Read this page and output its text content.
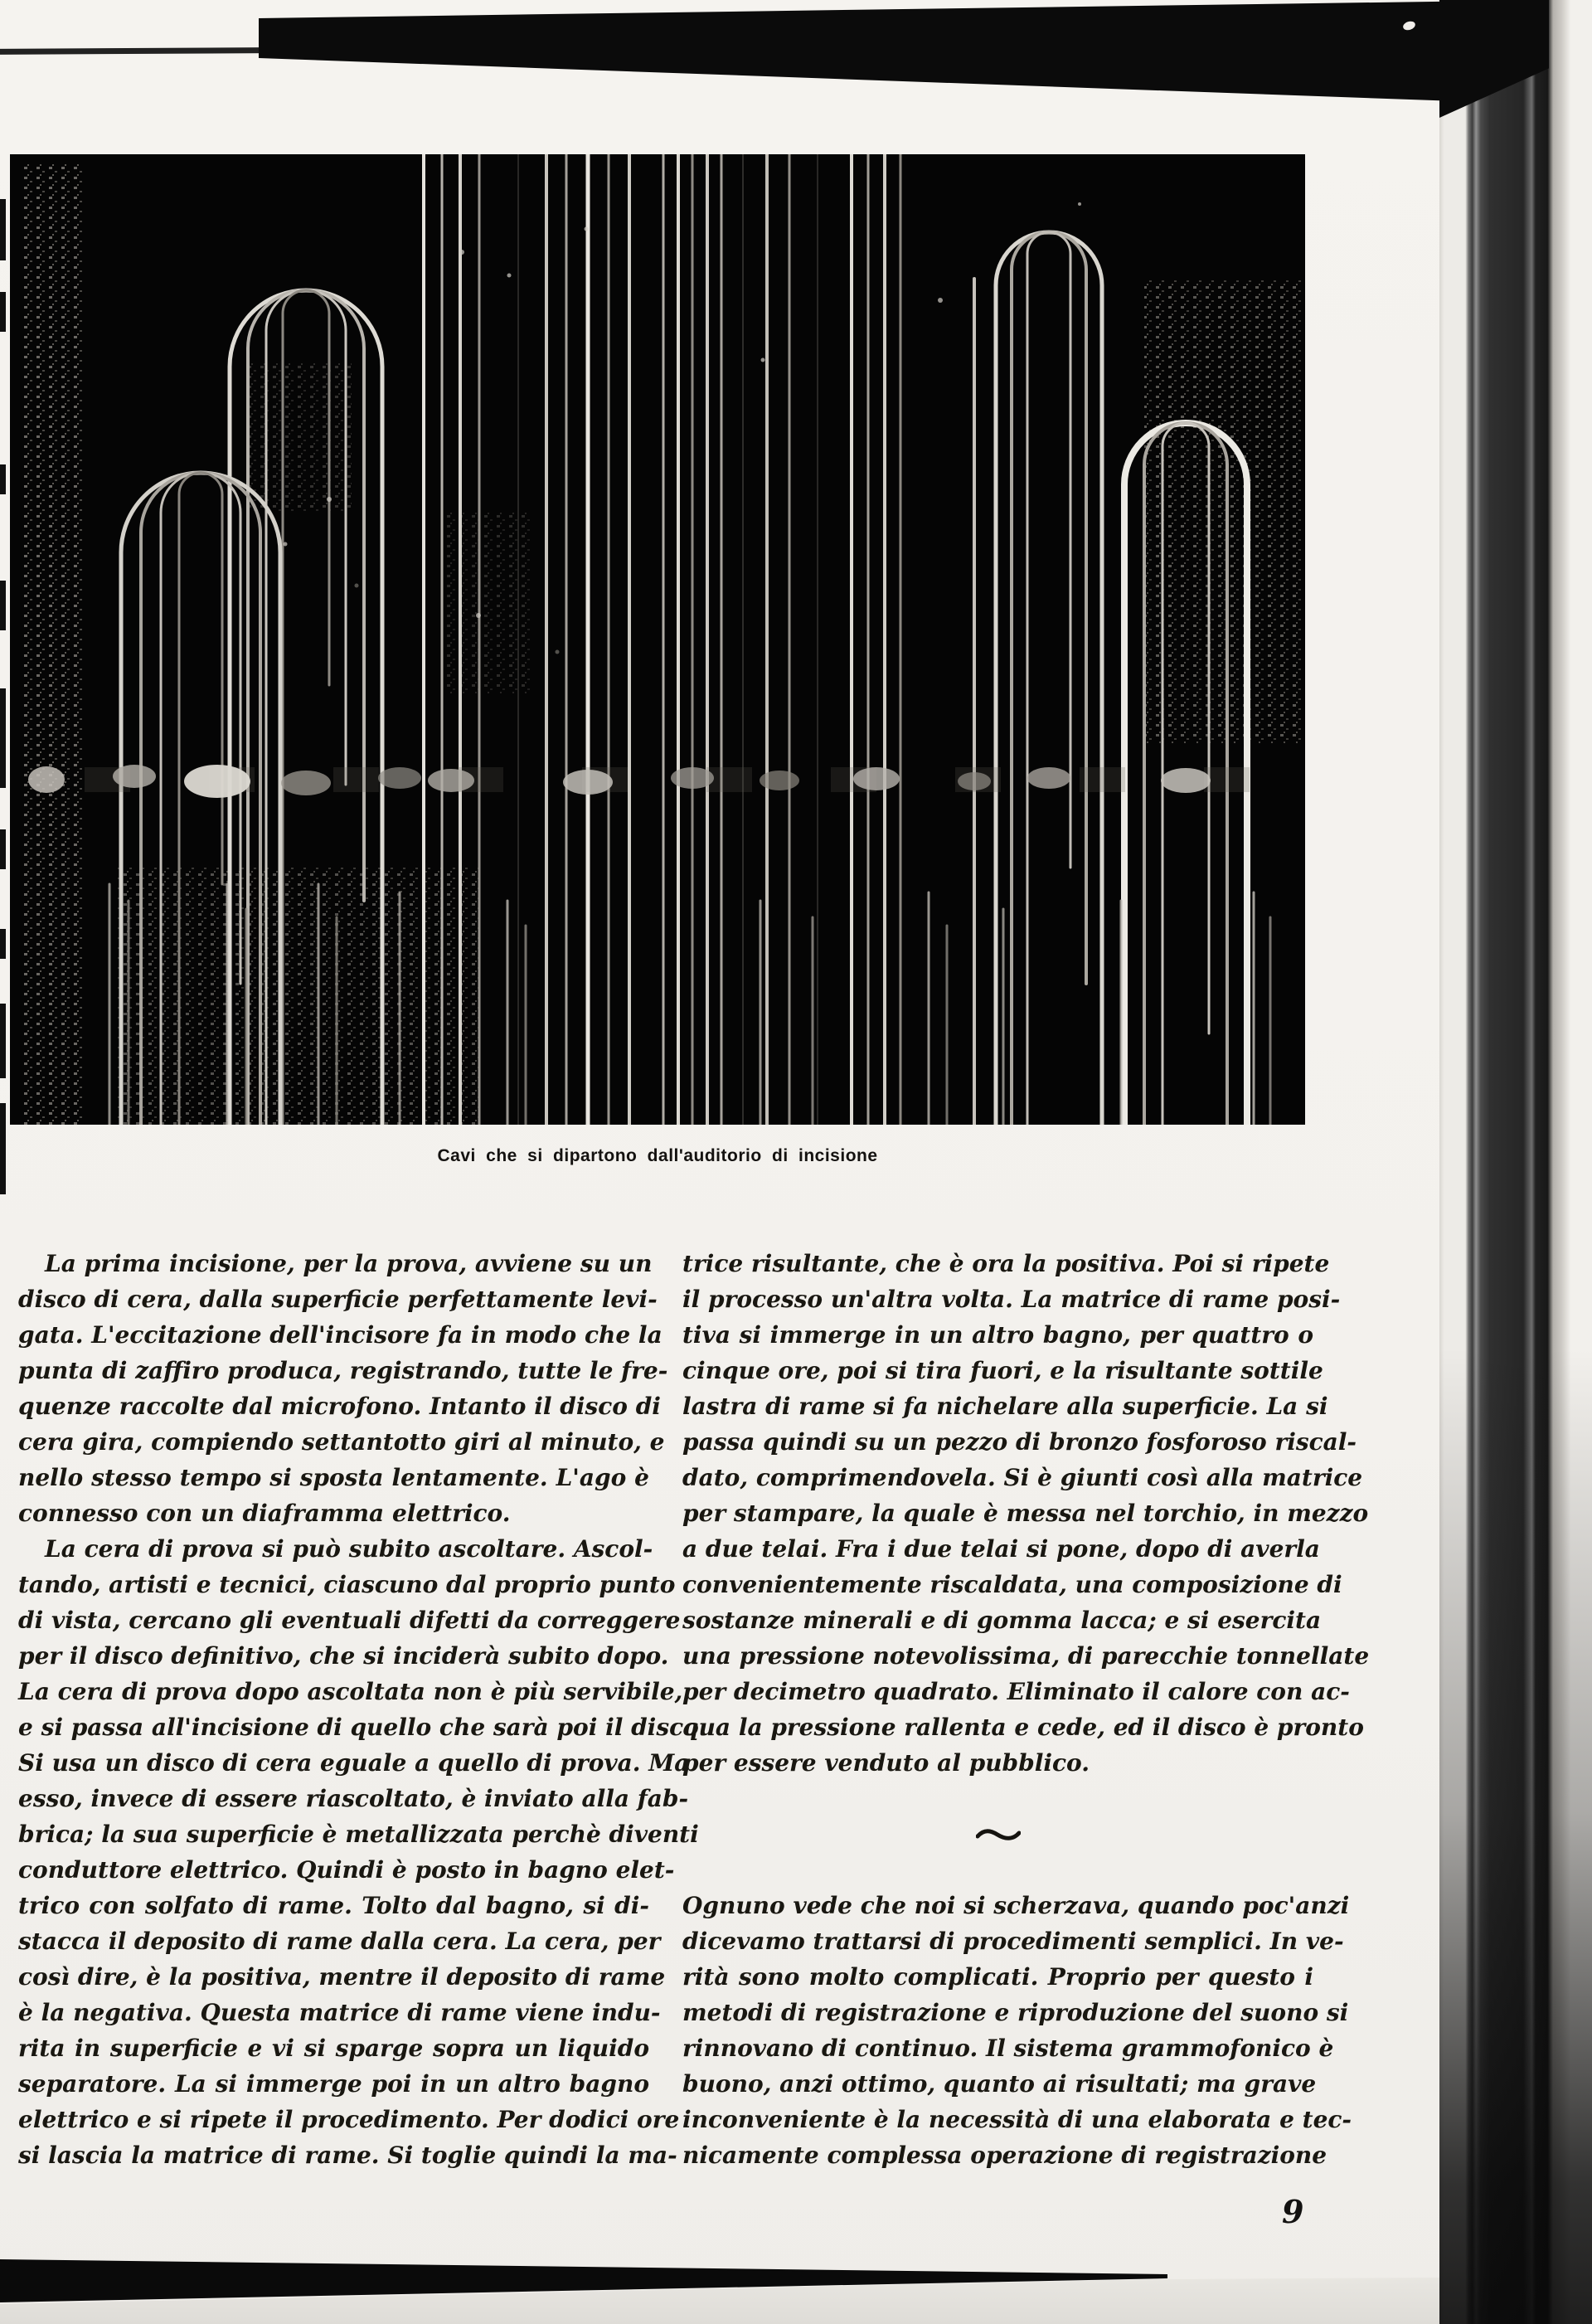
Cavi che si dipartono dall'auditorio di incisione
La prima incisione, per la prova, avviene su un
disco di cera, dalla superficie perfettamente levi-
gata. L'eccitazione dell'incisore fa in modo che la
punta di zaffiro produca, registrando, tutte le fre-
quenze raccolte dal microfono. Intanto il disco di
cera gira, compiendo settantotto giri al minuto, e
nello stesso tempo si sposta lentamente. L'ago è
connesso con un diaframma elettrico.
La cera di prova si può subito ascoltare. Ascol-
tando, artisti e tecnici, ciascuno dal proprio punto
di vista, cercano gli eventuali difetti da correggere
per il disco definitivo, che si inciderà subito dopo.
La cera di prova dopo ascoltata non è più servibile,
e si passa all'incisione di quello che sarà poi il disco.
Si usa un disco di cera eguale a quello di prova. Ma
esso, invece di essere riascoltato, è inviato alla fab-
brica; la sua superficie è metallizzata perchè diventi
conduttore elettrico. Quindi è posto in bagno elet-
trico con solfato di rame. Tolto dal bagno, si di-
stacca il deposito di rame dalla cera. La cera, per
così dire, è la positiva, mentre il deposito di rame
è la negativa. Questa matrice di rame viene indu-
rita in superficie e vi si sparge sopra un liquido
separatore. La si immerge poi in un altro bagno
elettrico e si ripete il procedimento. Per dodici ore
si lascia la matrice di rame. Si toglie quindi la ma-
trice risultante, che è ora la positiva. Poi si ripete
il processo un'altra volta. La matrice di rame posi-
tiva si immerge in un altro bagno, per quattro o
cinque ore, poi si tira fuori, e la risultante sottile
lastra di rame si fa nichelare alla superficie. La si
passa quindi su un pezzo di bronzo fosforoso riscal-
dato, comprimendovela. Si è giunti così alla matrice
per stampare, la quale è messa nel torchio, in mezzo
a due telai. Fra i due telai si pone, dopo di averla
convenientemente riscaldata, una composizione di
sostanze minerali e di gomma lacca; e si esercita
una pressione notevolissima, di parecchie tonnellate
per decimetro quadrato. Eliminato il calore con ac-
qua la pressione rallenta e cede, ed il disco è pronto
per essere venduto al pubblico.
Ognuno vede che noi si scherzava, quando poc'anzi
dicevamo trattarsi di procedimenti semplici. In ve-
rità sono molto complicati. Proprio per questo i
metodi di registrazione e riproduzione del suono si
rinnovano di continuo. Il sistema grammofonico è
buono, anzi ottimo, quanto ai risultati; ma grave
inconveniente è la necessità di una elaborata e tec-
nicamente complessa operazione di registrazione
9
